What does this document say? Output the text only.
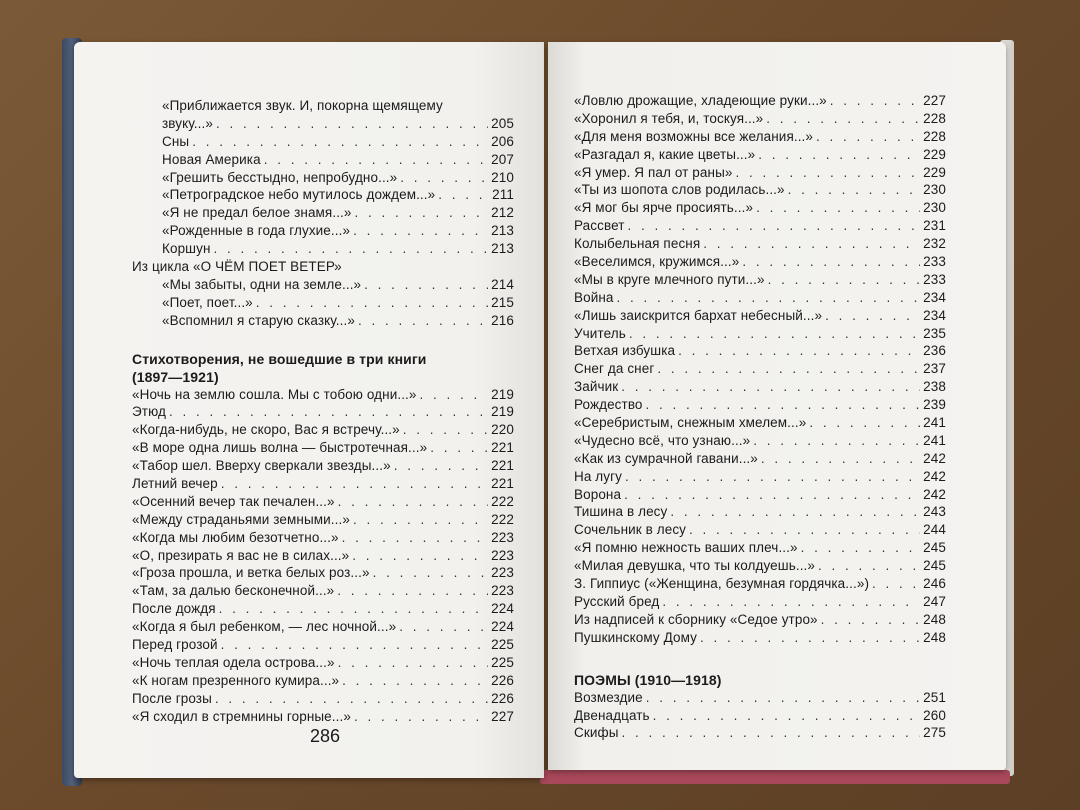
«Приближается звук. И, покорна щемящему
звуку...» . . .	205
Сны . . .	206
Новая Америка . . .	207
«Грешить бесстыдно, непробудно...» . . .	210
«Петроградское небо мутилось дождем...» . . .	211
«Я не предал белое знамя...» . . .	212
«Рожденные в года глухие...» . . .	213
Коршун . . .	213
Из цикла «О ЧЁМ ПОЕТ ВЕТЕР»
«Мы забыты, одни на земле...» . . .	214
«Поет, поет...» . . .	215
«Вспомнил я старую сказку...» . . .	216
Стихотворения, не вошедшие в три книги
(1897—1921)
«Ночь на землю сошла. Мы с тобою одни...» . . .	219
Этюд . . .	219
«Когда-нибудь, не скоро, Вас я встречу...» . . .	220
«В море одна лишь волна — быстротечная...» . . .	221
«Табор шел. Вверху сверкали звезды...» . . .	221
Летний вечер . . .	221
«Осенний вечер так печален...» . . .	222
«Между страданьями земными...» . . .	222
«Когда мы любим безотчетно...» . . .	223
«О, презирать я вас не в силах...» . . .	223
«Гроза прошла, и ветка белых роз...» . . .	223
«Там, за далью бесконечной...» . . .	223
После дождя . . .	224
«Когда я был ребенком, — лес ночной...» . . .	224
Перед грозой . . .	225
«Ночь теплая одела острова...» . . .	225
«К ногам презренного кумира...» . . .	226
После грозы . . .	226
«Я сходил в стремнины горные...» . . .	227
286
«Ловлю дрожащие, хладеющие руки...» . . .	227
«Хоронил я тебя, и, тоскуя...» . . .	228
«Для меня возможны все желания...» . . .	228
«Разгадал я, какие цветы...» . . .	229
«Я умер. Я пал от раны» . . .	229
«Ты из шопота слов родилась...» . . .	230
«Я мог бы ярче просиять...» . . .	230
Рассвет . . .	231
Колыбельная песня . . .	232
«Веселимся, кружимся...» . . .	233
«Мы в круге млечного пути...» . . .	233
Война . . .	234
«Лишь заискрится бархат небесный...» . . .	234
Учитель . . .	235
Ветхая избушка . . .	236
Снег да снег . . .	237
Зайчик . . .	238
Рождество . . .	239
«Серебристым, снежным хмелем...» . . .	241
«Чудесно всё, что узнаю...» . . .	241
«Как из сумрачной гавани...» . . .	242
На лугу . . .	242
Ворона . . .	242
Тишина в лесу . . .	243
Сочельник в лесу . . .	244
«Я помню нежность ваших плеч...» . . .	245
«Милая девушка, что ты колдуешь...» . . .	245
З. Гиппиус («Женщина, безумная гордячка...») . . .	246
Русский бред . . .	247
Из надписей к сборнику «Седое утро» . . .	248
Пушкинскому Дому . . .	248
ПОЭМЫ (1910—1918)
Возмездие . . .	251
Двенадцать . . .	260
Скифы . . .	275
